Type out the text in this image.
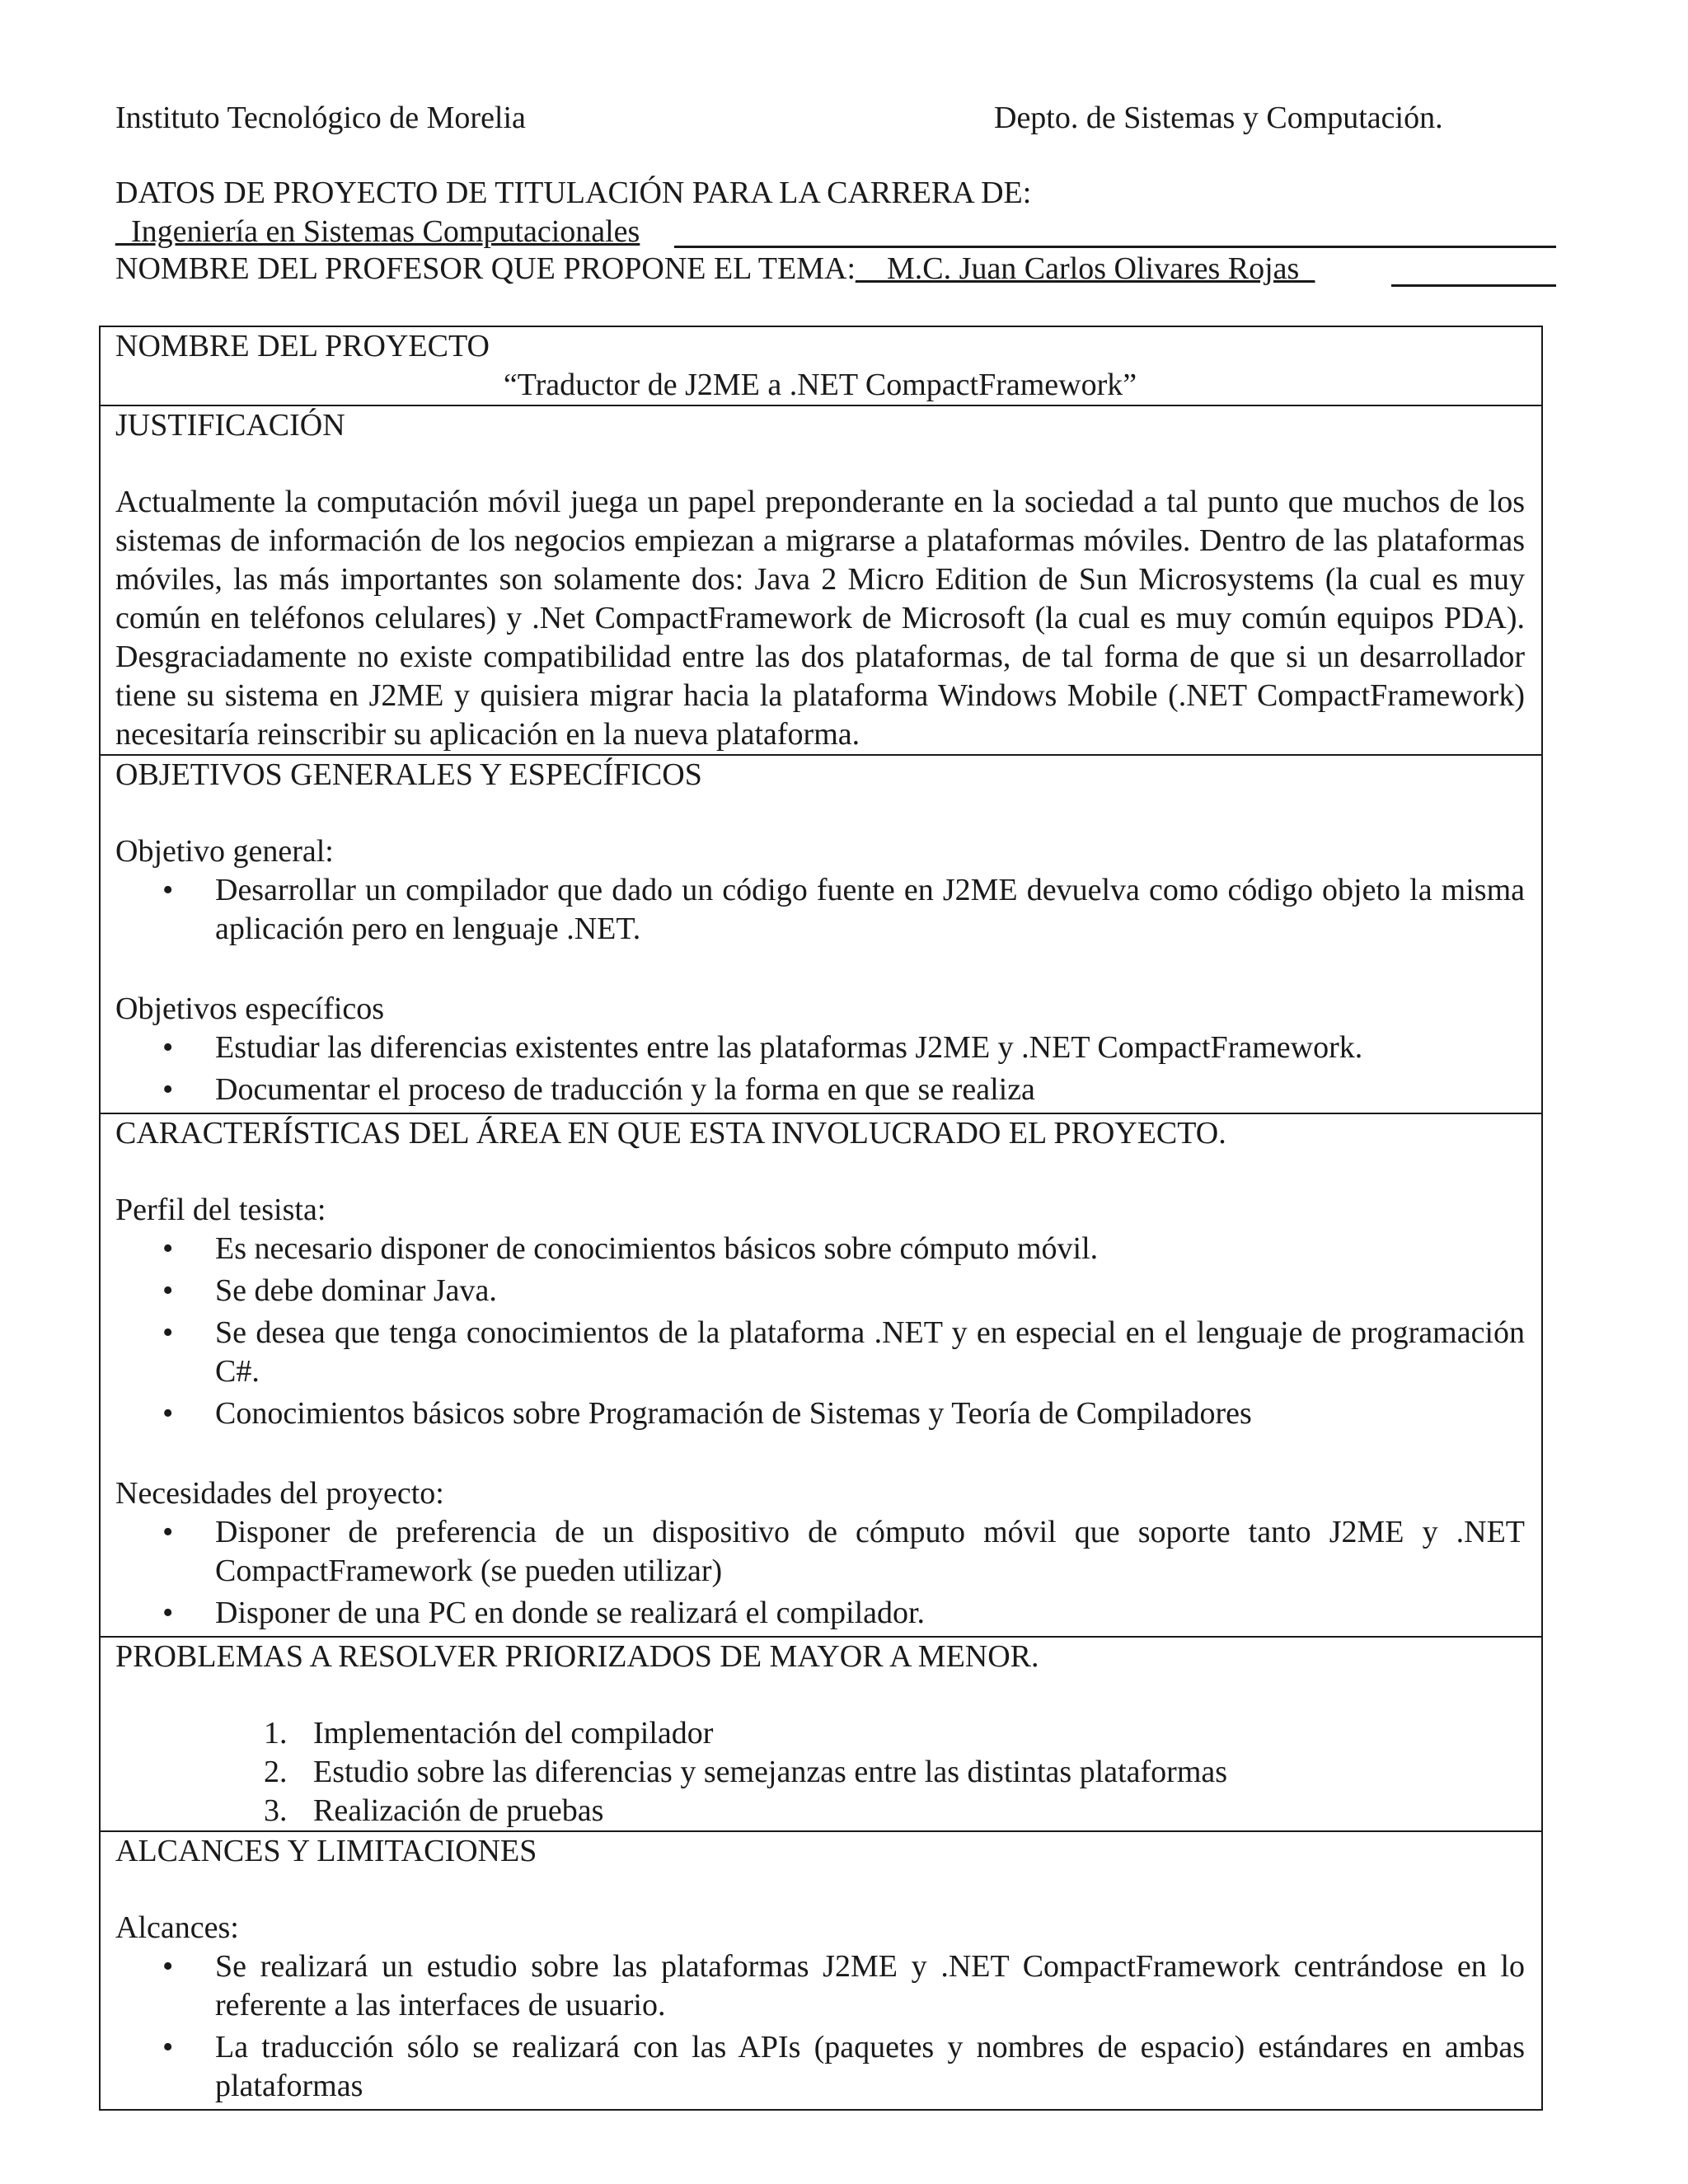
Instituto Tecnológico de Morelia	Depto. de Sistemas y Computación.
DATOS DE PROYECTO DE TITULACIÓN PARA LA CARRERA DE:
_Ingeniería en Sistemas Computacionales
NOMBRE DEL PROFESOR QUE PROPONE EL TEMA:__M.C. Juan Carlos Olivares Rojas_
NOMBRE DEL PROYECTO
“Traductor de J2ME a .NET CompactFramework”
JUSTIFICACIÓN

Actualmente la computación móvil juega un papel preponderante en la sociedad a tal punto que muchos de los sistemas de información de los negocios empiezan a migrarse a plataformas móviles. Dentro de las plataformas móviles, las más importantes son solamente dos: Java 2 Micro Edition de Sun Microsystems (la cual es muy común en teléfonos celulares) y .Net CompactFramework de Microsoft (la cual es muy común equipos PDA). Desgraciadamente no existe compatibilidad entre las dos plataformas, de tal forma de que si un desarrollador tiene su sistema en J2ME y quisiera migrar hacia la plataforma Windows Mobile (.NET CompactFramework) necesitaría reinscribir su aplicación en la nueva plataforma.

OBJETIVOS GENERALES Y ESPECÍFICOS
Objetivo general:
• Desarrollar un compilador que dado un código fuente en J2ME devuelva como código objeto la misma aplicación pero en lenguaje .NET.
Objetivos específicos
• Estudiar las diferencias existentes entre las plataformas J2ME y .NET CompactFramework.
• Documentar el proceso de traducción y la forma en que se realiza
CARACTERÍSTICAS DEL ÁREA EN QUE ESTA INVOLUCRADO EL PROYECTO.
Perfil del tesista:
• Es necesario disponer de conocimientos básicos sobre cómputo móvil.
• Se debe dominar Java.
• Se desea que tenga conocimientos de la plataforma .NET y en especial en el lenguaje de programación C#.
• Conocimientos básicos sobre Programación de Sistemas y Teoría de Compiladores
Necesidades del proyecto:
• Disponer de preferencia de un dispositivo de cómputo móvil que soporte tanto J2ME y .NET CompactFramework (se pueden utilizar)
• Disponer de una PC en donde se realizará el compilador.
PROBLEMAS A RESOLVER PRIORIZADOS DE MAYOR A MENOR.
1. Implementación del compilador
2. Estudio sobre las diferencias y semejanzas entre las distintas plataformas
3. Realización de pruebas
ALCANCES Y LIMITACIONES
Alcances:
• Se realizará un estudio sobre las plataformas J2ME y .NET CompactFramework centrándose en lo referente a las interfaces de usuario.
• La traducción sólo se realizará con las APIs (paquetes y nombres de espacio) estándares en ambas plataformas
